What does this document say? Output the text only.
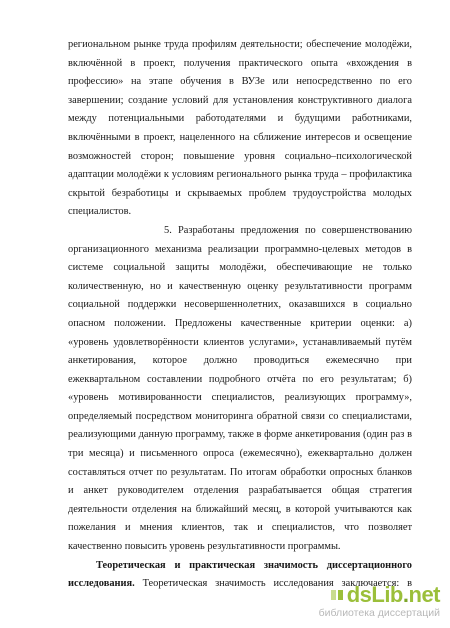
региональном рынке труда профилям деятельности; обеспечение молодёжи,
включённой в проект, получения практического опыта «вхождения в
профессию» на этапе обучения в ВУЗе или непосредственно по его
завершении; создание условий для установления конструктивного диалога
между потенциальными работодателями и будущими работниками,
включёнными в проект, нацеленного на сближение интересов и освещение
возможностей сторон; повышение уровня социально–психологической
адаптации молодёжи к условиям регионального рынка труда – профилактика
скрытой безработицы и скрываемых проблем трудоустройства молодых
специалистов.
5. Разработаны предложения по совершенствованию
организационного механизма реализации программно-целевых методов в
системе социальной защиты молодёжи, обеспечивающие не только
количественную, но и качественную оценку результативности программ
социальной поддержки несовершеннолетних, оказавшихся в социально
опасном положении. Предложены качественные критерии оценки: а)
«уровень удовлетворённости клиентов услугами», устанавливаемый путём
анкетирования, которое должно проводиться ежемесячно при
ежеквартальном составлении подробного отчёта по его результатам; б)
«уровень мотивированности специалистов, реализующих программу»,
определяемый посредством мониторинга обратной связи со специалистами,
реализующими данную программу, также в форме анкетирования (один раз в
три месяца) и письменного опроса (ежемесячно), ежеквартально должен
составляться отчет по результатам. По итогам обработки опросных бланков
и анкет руководителем отделения разрабатывается общая стратегия
деятельности отделения на ближайший месяц, в которой учитываются как
пожелания и мнения клиентов, так и специалистов, что позволяет
качественно повысить уровень результативности программы.
Теоретическая и практическая значимость диссертационного
исследования. Теоретическая значимость исследования заключается: в
dsLib.net
библиотека диссертаций
